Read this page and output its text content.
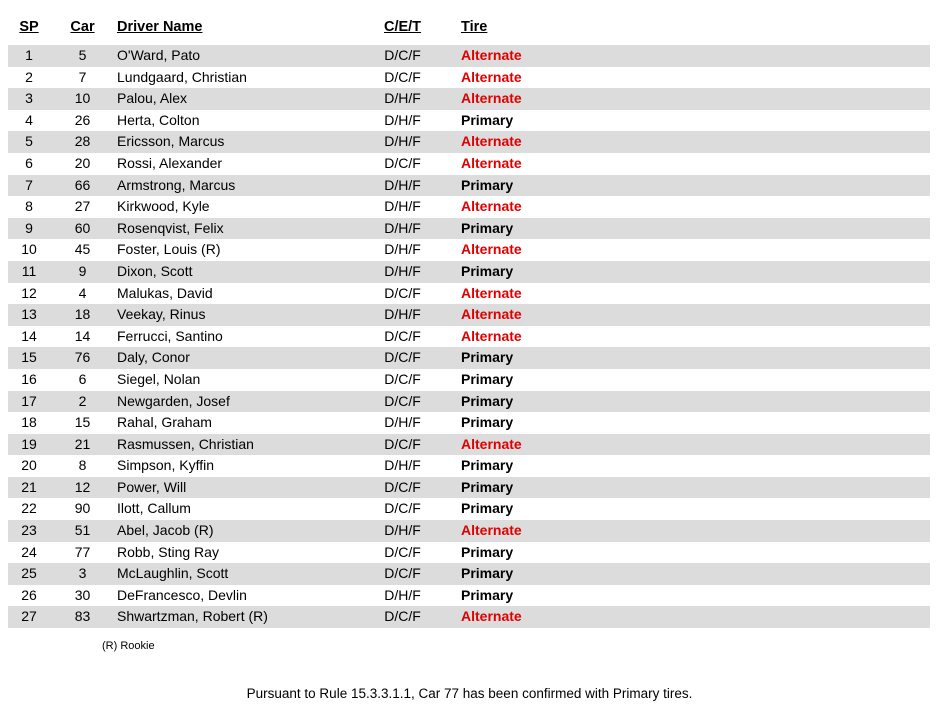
SP	Car	Driver Name	C/E/T	Tire
1	5	O'Ward, Pato	D/C/F	Alternate
2	7	Lundgaard, Christian	D/C/F	Alternate
3	10	Palou, Alex	D/H/F	Alternate
4	26	Herta, Colton	D/H/F	Primary
5	28	Ericsson, Marcus	D/H/F	Alternate
6	20	Rossi, Alexander	D/C/F	Alternate
7	66	Armstrong, Marcus	D/H/F	Primary
8	27	Kirkwood, Kyle	D/H/F	Alternate
9	60	Rosenqvist, Felix	D/H/F	Primary
10	45	Foster, Louis (R)	D/H/F	Alternate
11	9	Dixon, Scott	D/H/F	Primary
12	4	Malukas, David	D/C/F	Alternate
13	18	Veekay, Rinus	D/H/F	Alternate
14	14	Ferrucci, Santino	D/C/F	Alternate
15	76	Daly, Conor	D/C/F	Primary
16	6	Siegel, Nolan	D/C/F	Primary
17	2	Newgarden, Josef	D/C/F	Primary
18	15	Rahal, Graham	D/H/F	Primary
19	21	Rasmussen, Christian	D/C/F	Alternate
20	8	Simpson, Kyffin	D/H/F	Primary
21	12	Power, Will	D/C/F	Primary
22	90	Ilott, Callum	D/C/F	Primary
23	51	Abel, Jacob (R)	D/H/F	Alternate
24	77	Robb, Sting Ray	D/C/F	Primary
25	3	McLaughlin, Scott	D/C/F	Primary
26	30	DeFrancesco, Devlin	D/H/F	Primary
27	83	Shwartzman, Robert (R)	D/C/F	Alternate
(R) Rookie
Pursuant to Rule 15.3.3.1.1, Car 77 has been confirmed with Primary tires.
